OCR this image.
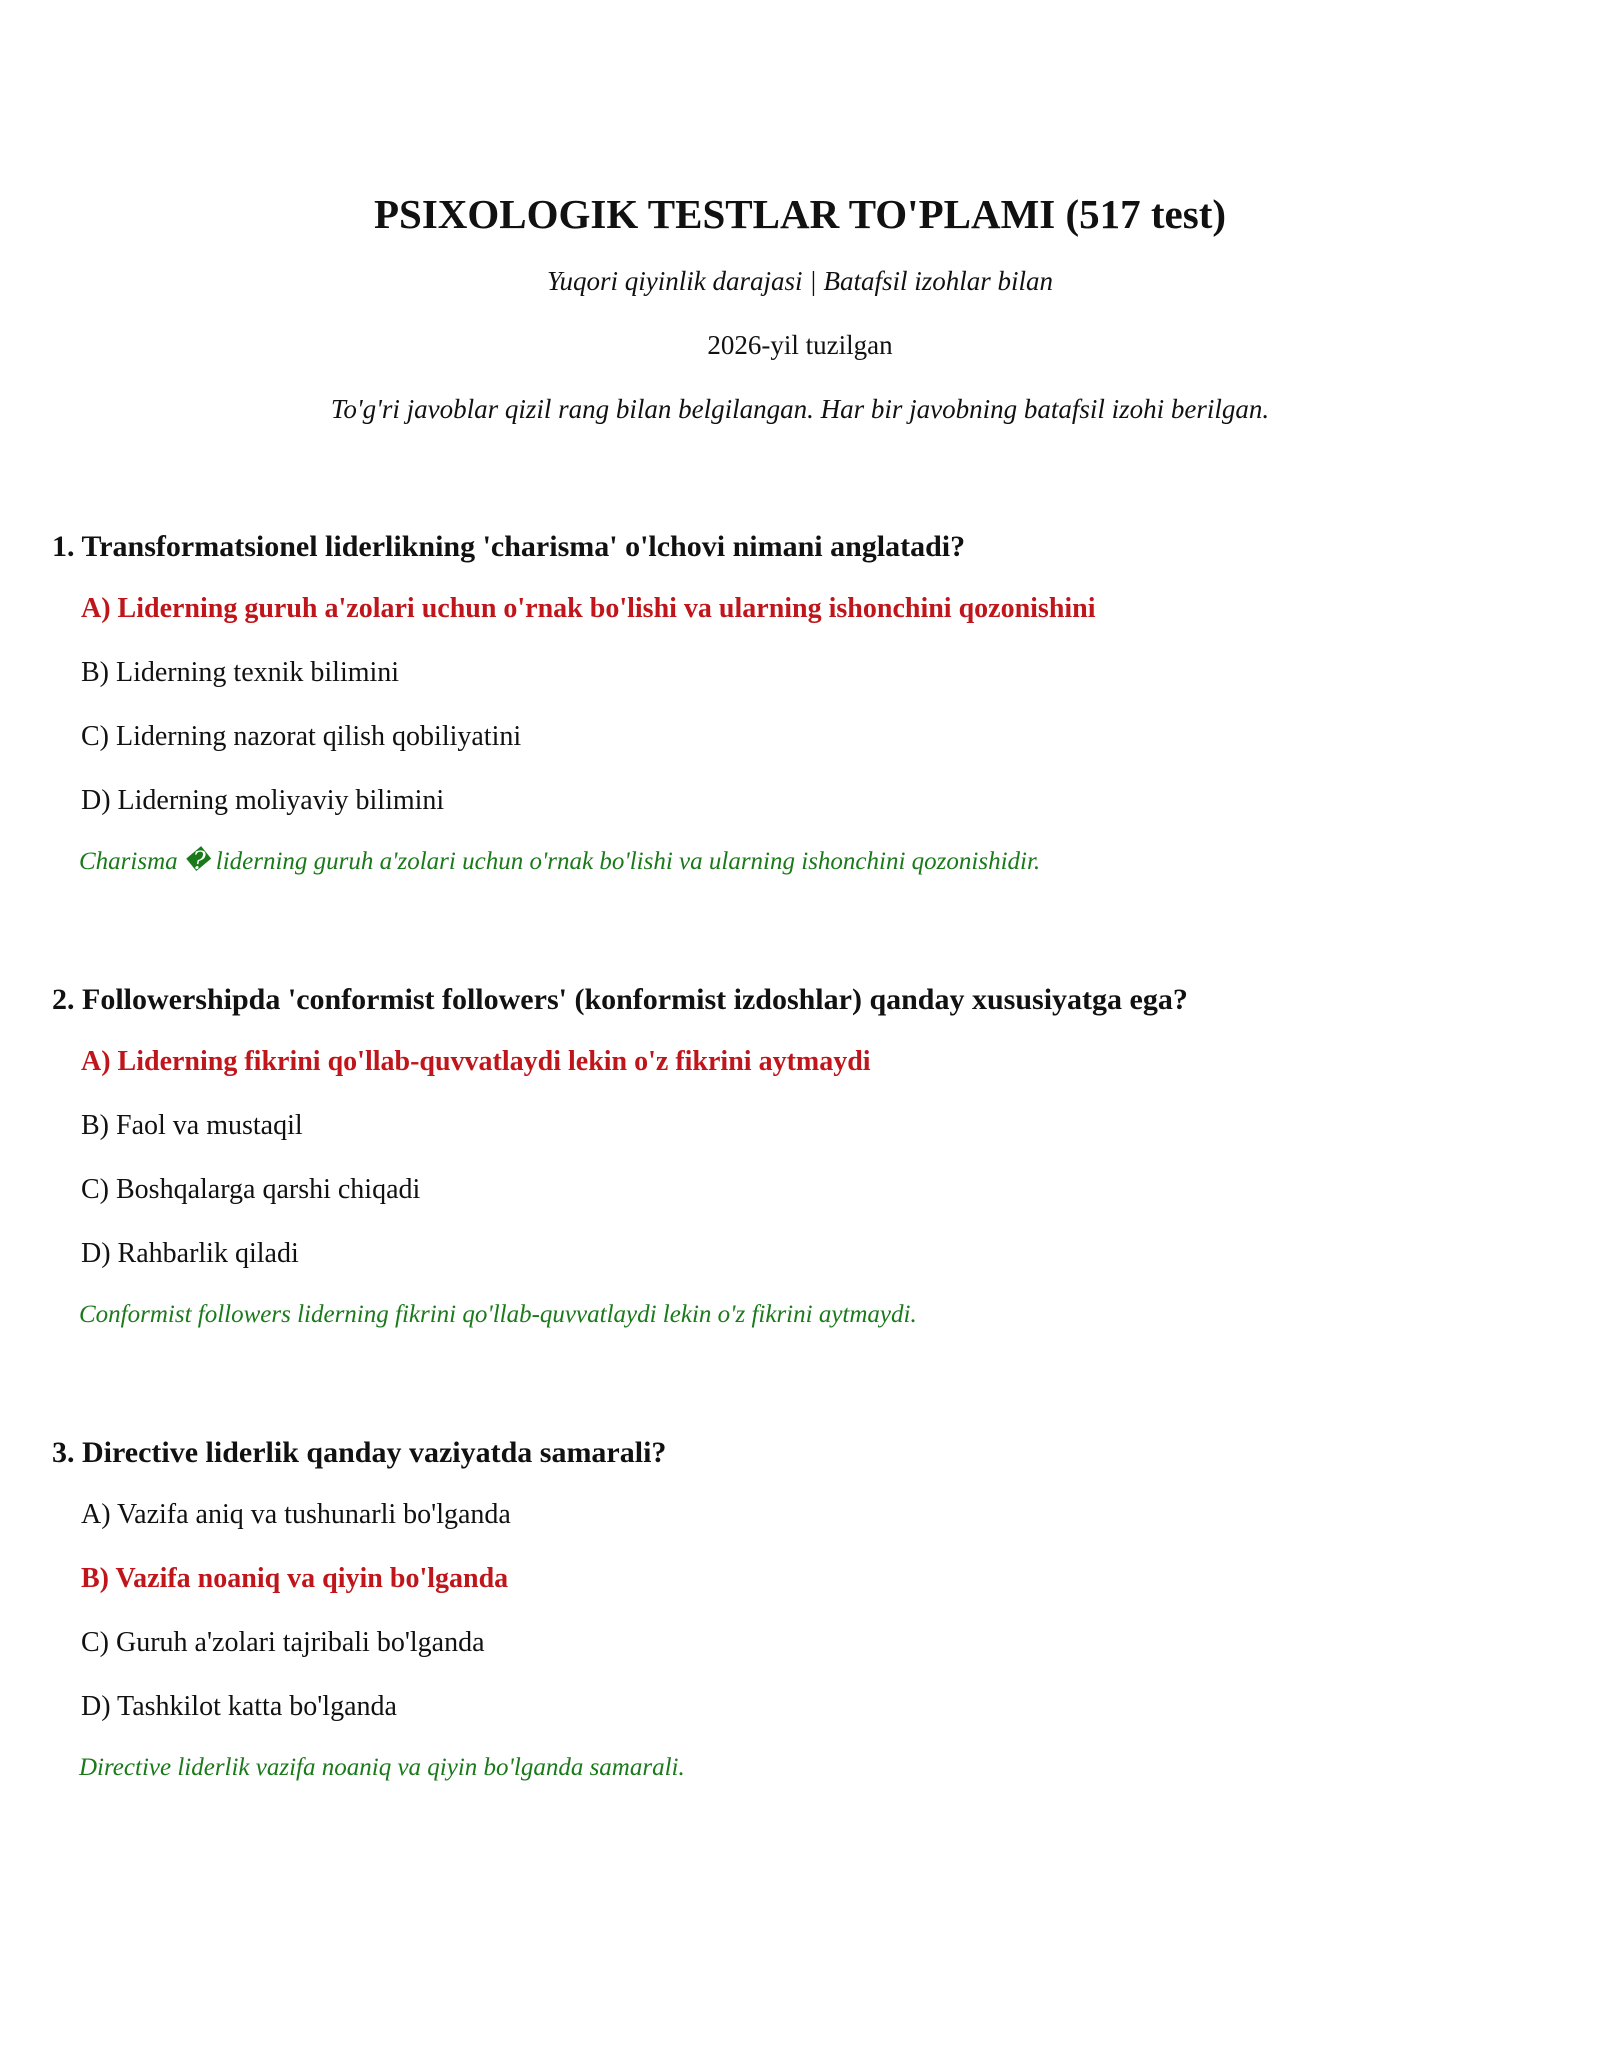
PSIXOLOGIK TESTLAR TO'PLAMI (517 test)
Yuqori qiyinlik darajasi | Batafsil izohlar bilan
2026-yil tuzilgan
To'g'ri javoblar qizil rang bilan belgilangan. Har bir javobning batafsil izohi berilgan.

1. Transformatsionel liderlikning 'charisma' o'lchovi nimani anglatadi?

A) Liderning guruh a'zolari uchun o'rnak bo'lishi va ularning ishonchini qozonishini
B) Liderning texnik bilimini
C) Liderning nazorat qilish qobiliyatini
D) Liderning moliyaviy bilimini
Charisma � liderning guruh a'zolari uchun o'rnak bo'lishi va ularning ishonchini qozonishidir.

2. Followershipda 'conformist followers' (konformist izdoshlar) qanday xususiyatga ega?

A) Liderning fikrini qo'llab-quvvatlaydi lekin o'z fikrini aytmaydi
B) Faol va mustaqil
C) Boshqalarga qarshi chiqadi
D) Rahbarlik qiladi
Conformist followers liderning fikrini qo'llab-quvvatlaydi lekin o'z fikrini aytmaydi.

3. Directive liderlik qanday vaziyatda samarali?

A) Vazifa aniq va tushunarli bo'lganda
B) Vazifa noaniq va qiyin bo'lganda
C) Guruh a'zolari tajribali bo'lganda
D) Tashkilot katta bo'lganda
Directive liderlik vazifa noaniq va qiyin bo'lganda samarali.
